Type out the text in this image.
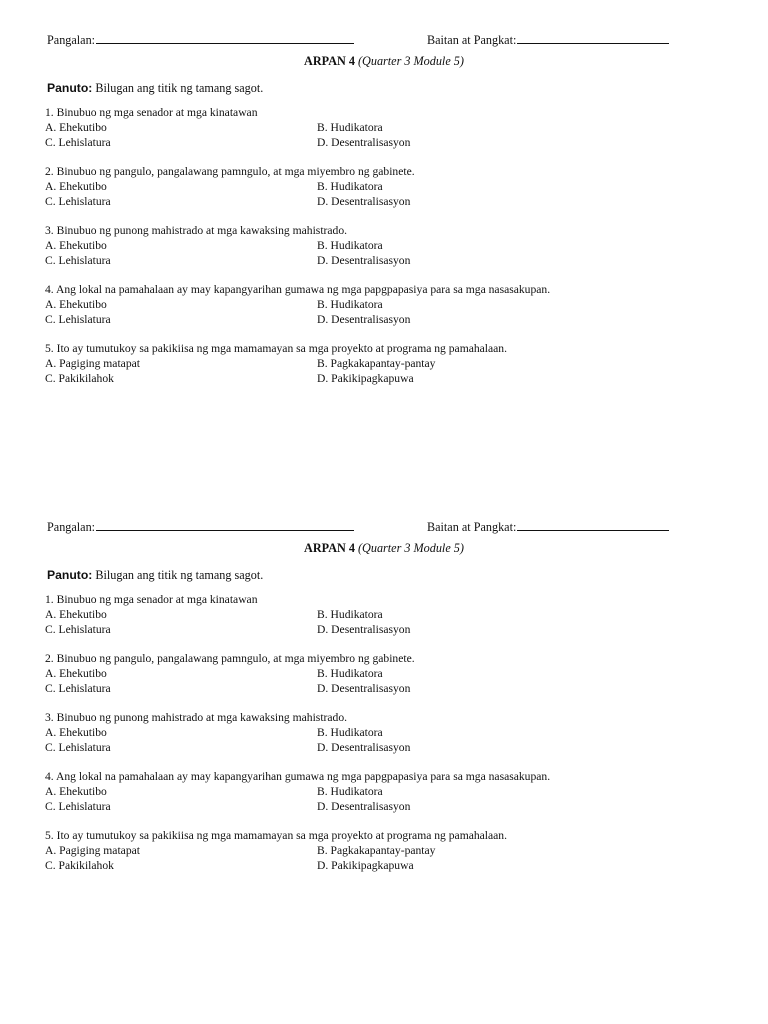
Pangalan:	Baitan at Pangkat:
ARPAN 4 (Quarter 3 Module 5)
Panuto: Bilugan ang titik ng tamang sagot.
1. Binubuo ng mga senador at mga kinatawan
A. Ehekutibo	B. Hudikatora
C. Lehislatura	D. Desentralisasyon
2. Binubuo ng pangulo, pangalawang pamngulo, at mga miyembro ng gabinete.
A. Ehekutibo	B. Hudikatora
C. Lehislatura	D. Desentralisasyon
3. Binubuo ng punong mahistrado at mga kawaksing mahistrado.
A. Ehekutibo	B. Hudikatora
C. Lehislatura	D. Desentralisasyon
4. Ang lokal na pamahalaan ay may kapangyarihan gumawa ng mga papgpapasiya para sa mga nasasakupan.
A. Ehekutibo	B. Hudikatora
C. Lehislatura	D. Desentralisasyon
5. Ito ay tumutukoy sa pakikiisa ng mga mamamayan sa mga proyekto at programa ng pamahalaan.
A. Pagiging matapat	B. Pagkakapantay-pantay
C. Pakikilahok	D. Pakikipagkapuwa
Pangalan:	Baitan at Pangkat:
ARPAN 4 (Quarter 3 Module 5)
Panuto: Bilugan ang titik ng tamang sagot.
1. Binubuo ng mga senador at mga kinatawan
A. Ehekutibo	B. Hudikatora
C. Lehislatura	D. Desentralisasyon
2. Binubuo ng pangulo, pangalawang pamngulo, at mga miyembro ng gabinete.
A. Ehekutibo	B. Hudikatora
C. Lehislatura	D. Desentralisasyon
3. Binubuo ng punong mahistrado at mga kawaksing mahistrado.
A. Ehekutibo	B. Hudikatora
C. Lehislatura	D. Desentralisasyon
4. Ang lokal na pamahalaan ay may kapangyarihan gumawa ng mga papgpapasiya para sa mga nasasakupan.
A. Ehekutibo	B. Hudikatora
C. Lehislatura	D. Desentralisasyon
5. Ito ay tumutukoy sa pakikiisa ng mga mamamayan sa mga proyekto at programa ng pamahalaan.
A. Pagiging matapat	B. Pagkakapantay-pantay
C. Pakikilahok	D. Pakikipagkapuwa
